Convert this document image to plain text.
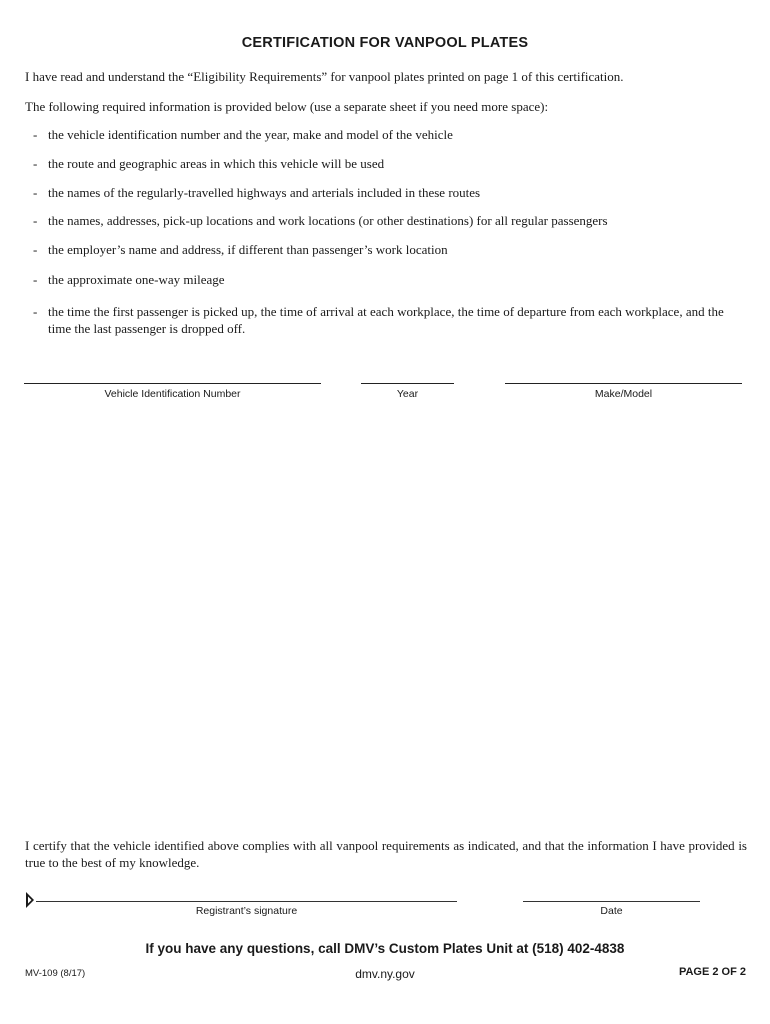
CERTIFICATION FOR VANPOOL PLATES
I have read and understand the “Eligibility Requirements” for vanpool plates printed on page 1 of this certification.
The following required information is provided below (use a separate sheet if you need more space):
- the vehicle identification number and the year, make and model of the vehicle
- the route and geographic areas in which this vehicle will be used
- the names of the regularly-travelled highways and arterials included in these routes
- the names, addresses, pick-up locations and work locations (or other destinations) for all regular passengers
- the employer’s name and address, if different than passenger’s work location
- the approximate one-way mileage
- the time the first passenger is picked up, the time of arrival at each workplace, the time of departure from each workplace, and the time the last passenger is dropped off.
Vehicle Identification Number	Year	Make/Model
I certify that the vehicle identified above complies with all vanpool requirements as indicated, and that the information I have provided is true to the best of my knowledge.
Registrant’s signature	Date
If you have any questions, call DMV’s Custom Plates Unit at (518) 402-4838
MV-109 (8/17)	dmv.ny.gov	PAGE 2 OF 2
